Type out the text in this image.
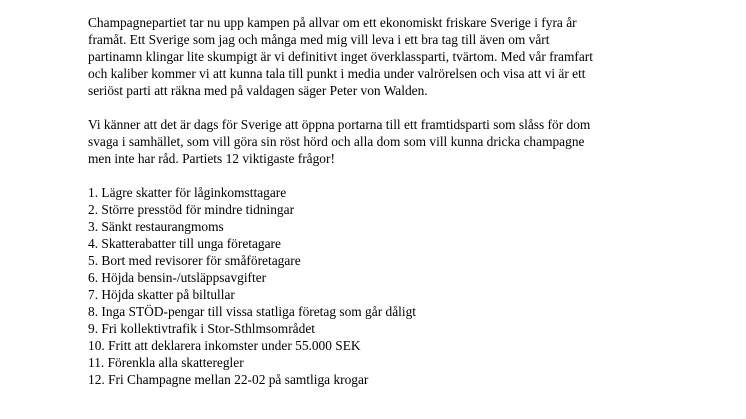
Champagnepartiet tar nu upp kampen på allvar om ett ekonomiskt friskare Sverige i fyra år
framåt. Ett Sverige som jag och många med mig vill leva i ett bra tag till även om vårt
partinamn klingar lite skumpigt är vi definitivt inget överklassparti, tvärtom. Med vår framfart
och kaliber kommer vi att kunna tala till punkt i media under valrörelsen och visa att vi är ett
seriöst parti att räkna med på valdagen säger Peter von Walden.

Vi känner att det är dags för Sverige att öppna portarna till ett framtidsparti som slåss för dom
svaga i samhället, som vill göra sin röst hörd och alla dom som vill kunna dricka champagne
men inte har råd. Partiets 12 viktigaste frågor!

1. Lägre skatter för låginkomsttagare
2. Större presstöd för mindre tidningar
3. Sänkt restaurangmoms
4. Skatterabatter till unga företagare
5. Bort med revisorer för småföretagare
6. Höjda bensin-/utsläppsavgifter
7. Höjda skatter på biltullar
8. Inga STÖD-pengar till vissa statliga företag som går dåligt
9. Fri kollektivtrafik i Stor-Sthlmsområdet
10. Fritt att deklarera inkomster under 55.000 SEK
11. Förenkla alla skatteregler
12. Fri Champagne mellan 22-02 på samtliga krogar
